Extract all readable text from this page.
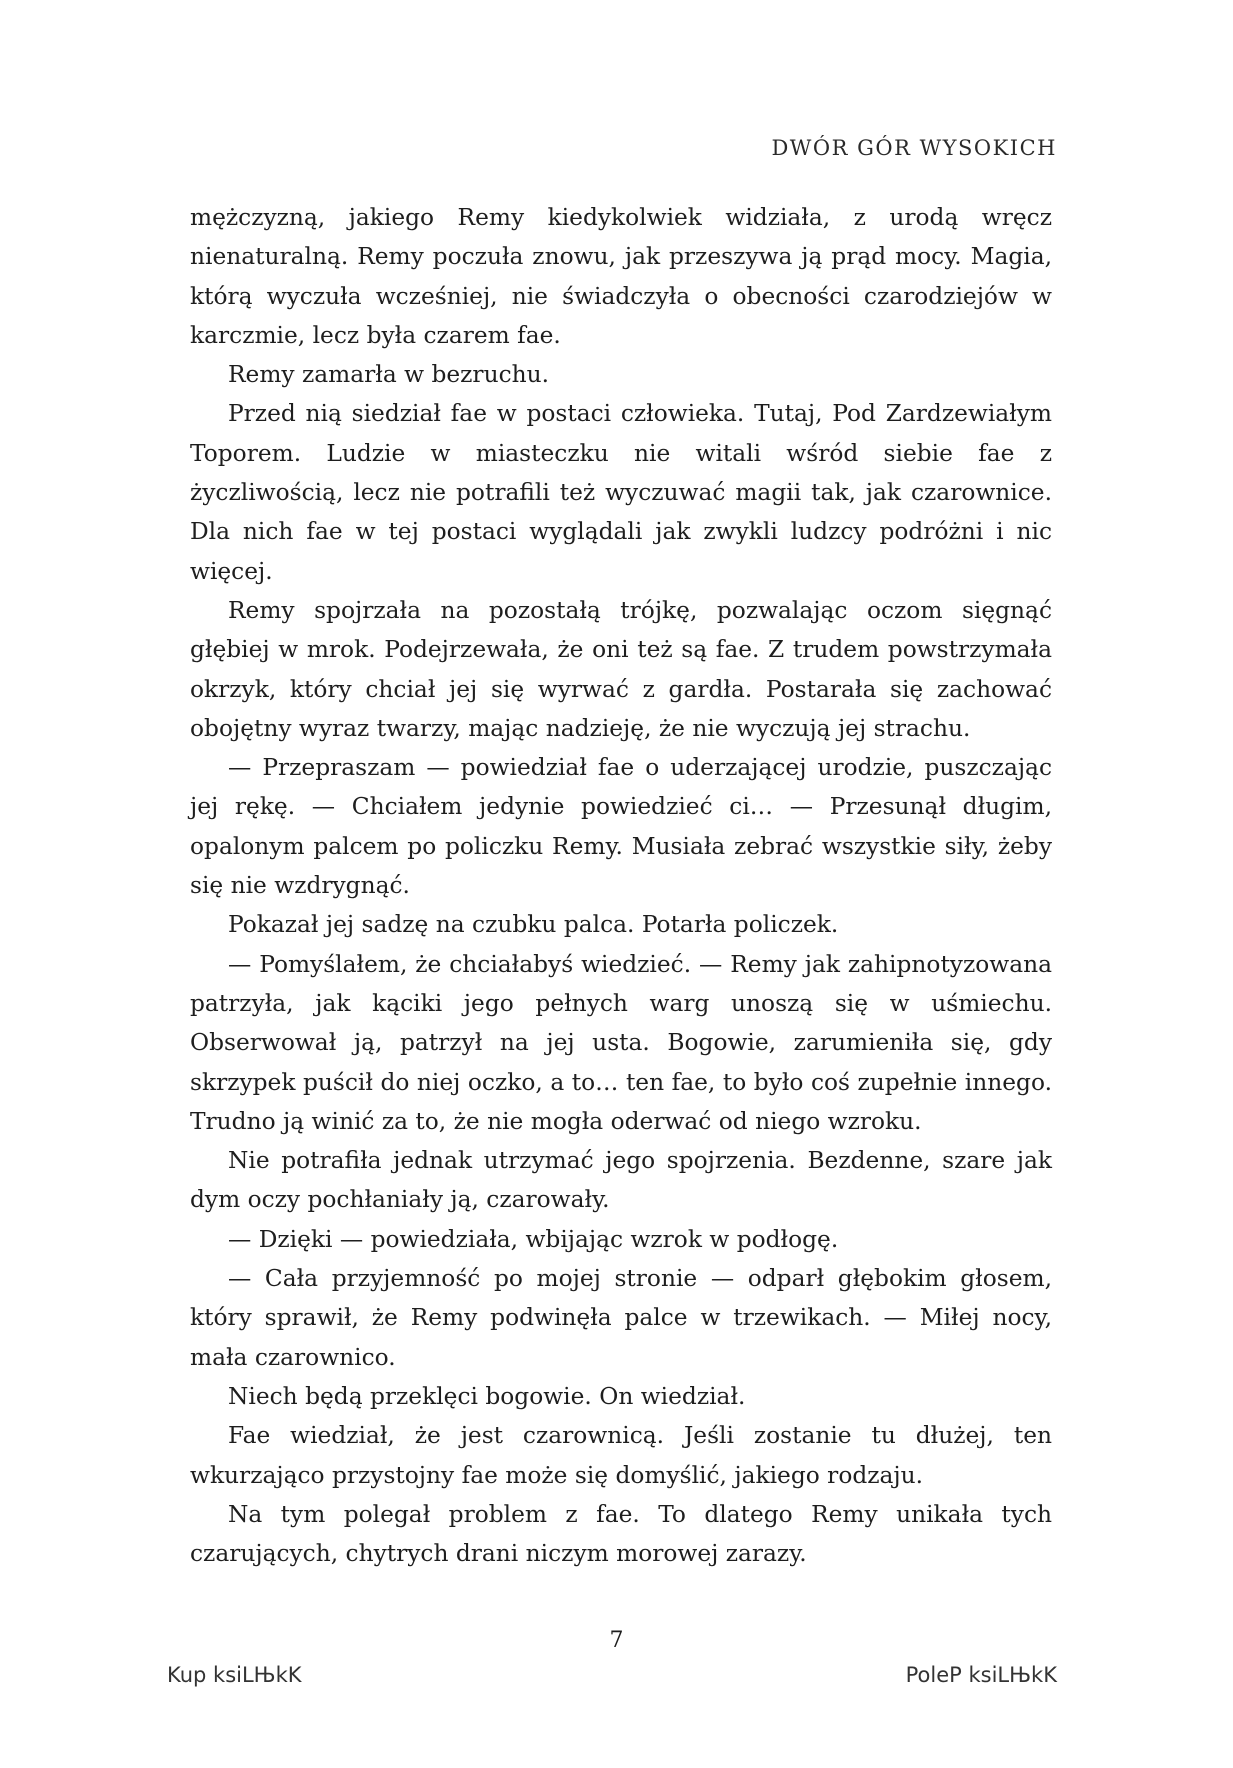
DWÓR GÓR WYSOKICH

mężczyzną, jakiego Remy kiedykolwiek widziała, z urodą wręcz nienaturalną. Remy poczuła znowu, jak przeszywa ją prąd mocy. Magia, którą wyczuła wcześniej, nie świadczyła o obecności czarodziejów w karczmie, lecz była czarem fae.

Remy zamarła w bezruchu.

Przed nią siedział fae w postaci człowieka. Tutaj, Pod Zardzewiałym Toporem. Ludzie w miasteczku nie witali wśród siebie fae z życzliwością, lecz nie potrafili też wyczuwać magii tak, jak czarownice. Dla nich fae w tej postaci wyglądali jak zwykli ludzcy podróżni i nic więcej.

Remy spojrzała na pozostałą trójkę, pozwalając oczom sięgnąć głębiej w mrok. Podejrzewała, że oni też są fae. Z trudem powstrzymała okrzyk, który chciał jej się wyrwać z gardła. Postarała się zachować obojętny wyraz twarzy, mając nadzieję, że nie wyczują jej strachu.

— Przepraszam — powiedział fae o uderzającej urodzie, puszczając jej rękę. — Chciałem jedynie powiedzieć ci… — Przesunął długim, opalonym palcem po policzku Remy. Musiała zebrać wszystkie siły, żeby się nie wzdrygnąć.

Pokazał jej sadzę na czubku palca. Potarła policzek.

— Pomyślałem, że chciałabyś wiedzieć. — Remy jak zahipnotyzowana patrzyła, jak kąciki jego pełnych warg unoszą się w uśmiechu. Obserwował ją, patrzył na jej usta. Bogowie, zarumieniła się, gdy skrzypek puścił do niej oczko, a to… ten fae, to było coś zupełnie innego. Trudno ją winić za to, że nie mogła oderwać od niego wzroku.

Nie potrafiła jednak utrzymać jego spojrzenia. Bezdenne, szare jak dym oczy pochłaniały ją, czarowały.

— Dzięki — powiedziała, wbijając wzrok w podłogę.

— Cała przyjemność po mojej stronie — odparł głębokim głosem, który sprawił, że Remy podwinęła palce w trzewikach. — Miłej nocy, mała czarownico.

Niech będą przeklęci bogowie. On wiedział.

Fae wiedział, że jest czarownicą. Jeśli zostanie tu dłużej, ten wkurzająco przystojny fae może się domyślić, jakiego rodzaju.

Na tym polegał problem z fae. To dlatego Remy unikała tych czarujących, chytrych drani niczym morowej zarazy.

7
Kup ksiLЊkK	PoleP ksiLЊkK
